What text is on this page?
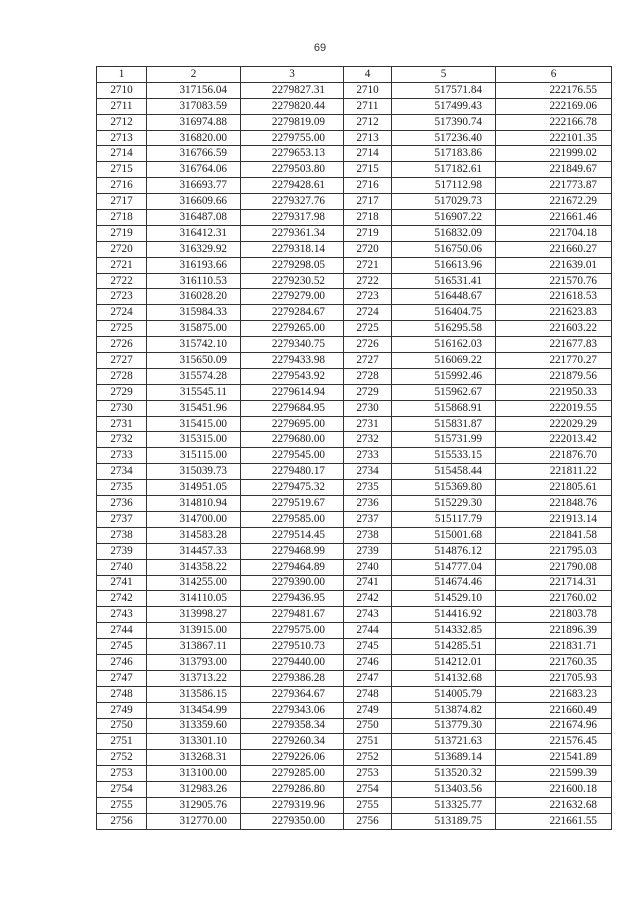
69
1	2	3	4	5	6
2710	317156.04	2279827.31	2710	517571.84	222176.55
2711	317083.59	2279820.44	2711	517499.43	222169.06
2712	316974.88	2279819.09	2712	517390.74	222166.78
2713	316820.00	2279755.00	2713	517236.40	222101.35
2714	316766.59	2279653.13	2714	517183.86	221999.02
2715	316764.06	2279503.80	2715	517182.61	221849.67
2716	316693.77	2279428.61	2716	517112.98	221773.87
2717	316609.66	2279327.76	2717	517029.73	221672.29
2718	316487.08	2279317.98	2718	516907.22	221661.46
2719	316412.31	2279361.34	2719	516832.09	221704.18
2720	316329.92	2279318.14	2720	516750.06	221660.27
2721	316193.66	2279298.05	2721	516613.96	221639.01
2722	316110.53	2279230.52	2722	516531.41	221570.76
2723	316028.20	2279279.00	2723	516448.67	221618.53
2724	315984.33	2279284.67	2724	516404.75	221623.83
2725	315875.00	2279265.00	2725	516295.58	221603.22
2726	315742.10	2279340.75	2726	516162.03	221677.83
2727	315650.09	2279433.98	2727	516069.22	221770.27
2728	315574.28	2279543.92	2728	515992.46	221879.56
2729	315545.11	2279614.94	2729	515962.67	221950.33
2730	315451.96	2279684.95	2730	515868.91	222019.55
2731	315415.00	2279695.00	2731	515831.87	222029.29
2732	315315.00	2279680.00	2732	515731.99	222013.42
2733	315115.00	2279545.00	2733	515533.15	221876.70
2734	315039.73	2279480.17	2734	515458.44	221811.22
2735	314951.05	2279475.32	2735	515369.80	221805.61
2736	314810.94	2279519.67	2736	515229.30	221848.76
2737	314700.00	2279585.00	2737	515117.79	221913.14
2738	314583.28	2279514.45	2738	515001.68	221841.58
2739	314457.33	2279468.99	2739	514876.12	221795.03
2740	314358.22	2279464.89	2740	514777.04	221790.08
2741	314255.00	2279390.00	2741	514674.46	221714.31
2742	314110.05	2279436.95	2742	514529.10	221760.02
2743	313998.27	2279481.67	2743	514416.92	221803.78
2744	313915.00	2279575.00	2744	514332.85	221896.39
2745	313867.11	2279510.73	2745	514285.51	221831.71
2746	313793.00	2279440.00	2746	514212.01	221760.35
2747	313713.22	2279386.28	2747	514132.68	221705.93
2748	313586.15	2279364.67	2748	514005.79	221683.23
2749	313454.99	2279343.06	2749	513874.82	221660.49
2750	313359.60	2279358.34	2750	513779.30	221674.96
2751	313301.10	2279260.34	2751	513721.63	221576.45
2752	313268.31	2279226.06	2752	513689.14	221541.89
2753	313100.00	2279285.00	2753	513520.32	221599.39
2754	312983.26	2279286.80	2754	513403.56	221600.18
2755	312905.76	2279319.96	2755	513325.77	221632.68
2756	312770.00	2279350.00	2756	513189.75	221661.55
